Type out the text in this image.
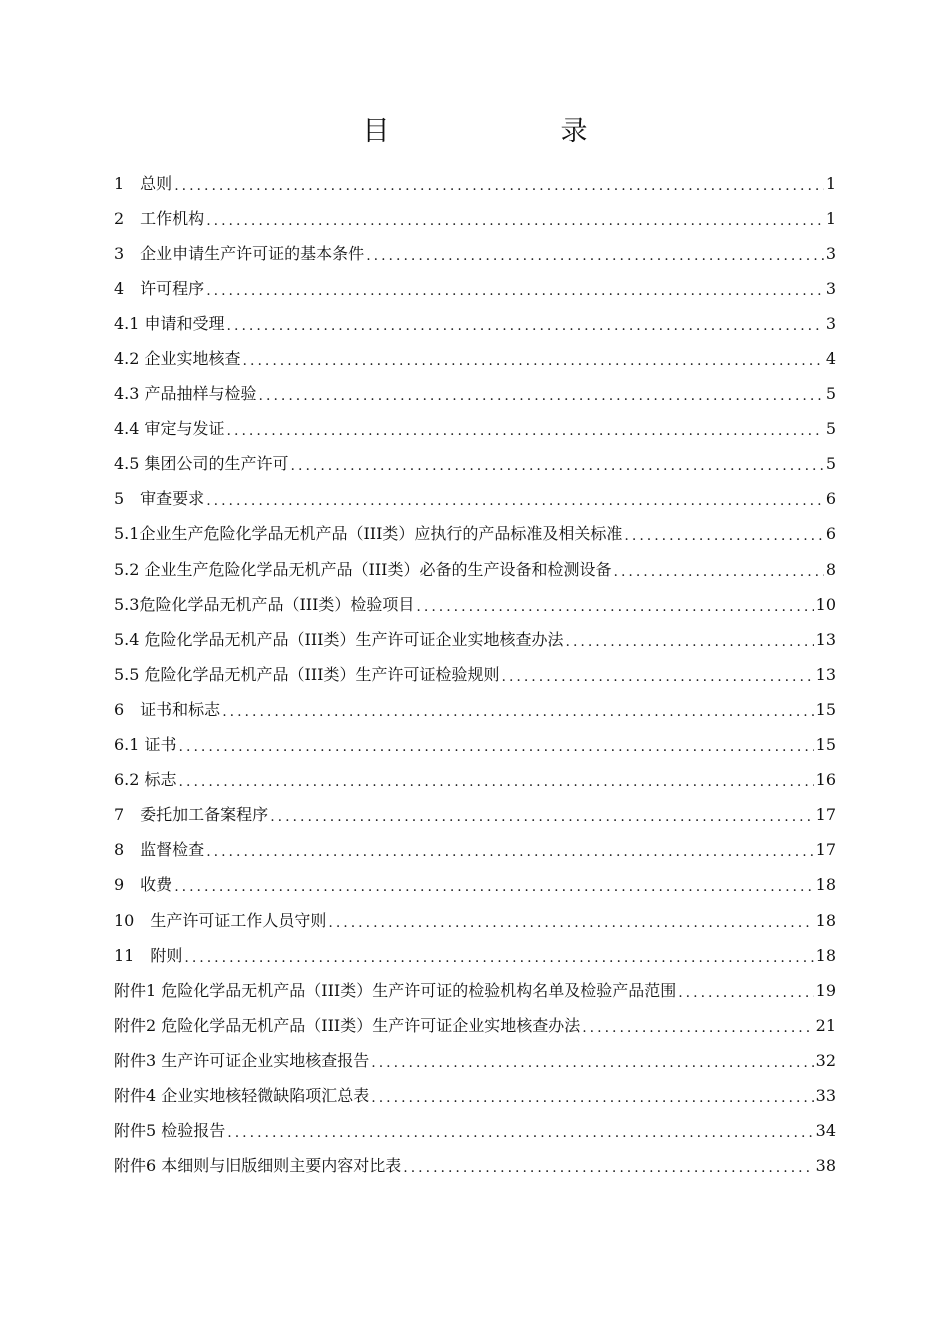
目　录
1　总则 .....	1
2　工作机构 .....	1
3　企业申请生产许可证的基本条件 .....	3
4　许可程序 .....	3
4.1 申请和受理 .....	3
4.2 企业实地核查 .....	4
4.3 产品抽样与检验 .....	5
4.4 审定与发证 .....	5
4.5 集团公司的生产许可 .....	5
5　审查要求 .....	6
5.1企业生产危险化学品无机产品（III类）应执行的产品标准及相关标准 .....	6
5.2 企业生产危险化学品无机产品（III类）必备的生产设备和检测设备 .....	8
5.3危险化学品无机产品（III类）检验项目 .....	10
5.4 危险化学品无机产品（III类）生产许可证企业实地核查办法 .....	13
5.5 危险化学品无机产品（III类）生产许可证检验规则 .....	13
6　证书和标志 .....	15
6.1 证书 .....	15
6.2 标志 .....	16
7　委托加工备案程序 .....	17
8　监督检查 .....	17
9　收费 .....	18
10　生产许可证工作人员守则 .....	18
11　附则 .....	18
附件1 危险化学品无机产品（III类）生产许可证的检验机构名单及检验产品范围 .....	19
附件2 危险化学品无机产品（III类）生产许可证企业实地核查办法 .....	21
附件3 生产许可证企业实地核查报告 .....	32
附件4 企业实地核轻微缺陷项汇总表 .....	33
附件5 检验报告 .....	34
附件6 本细则与旧版细则主要内容对比表 .....	38
